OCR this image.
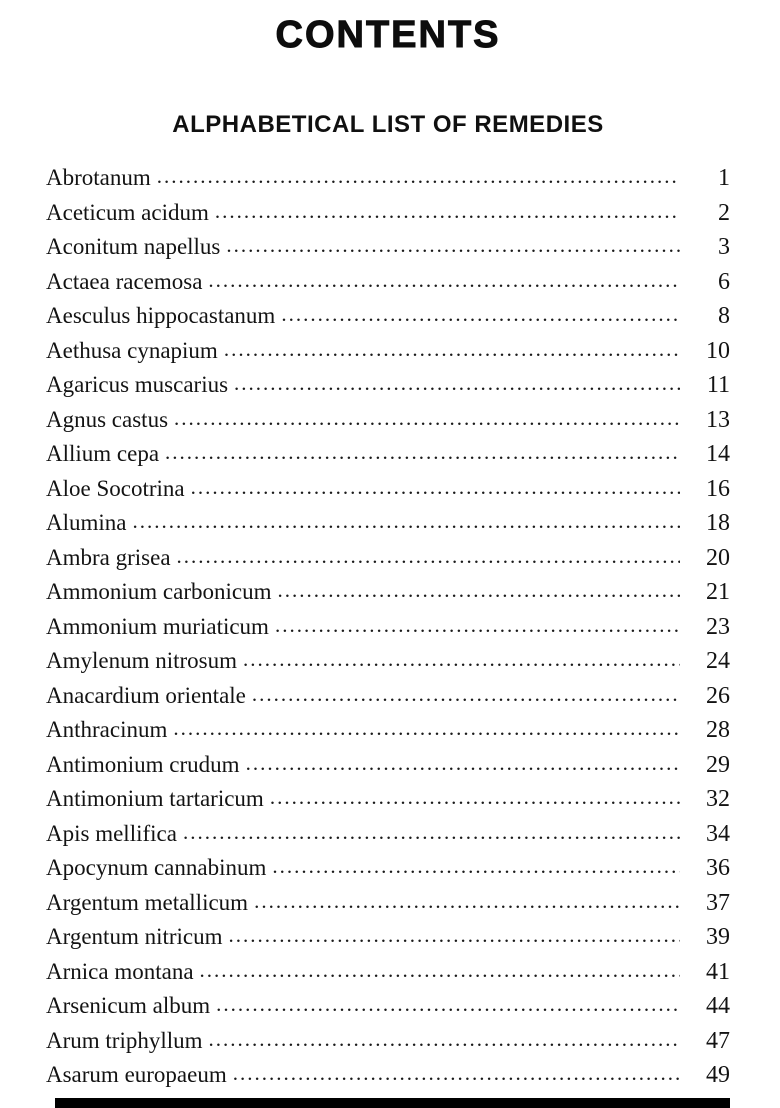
CONTENTS
ALPHABETICAL LIST OF REMEDIES
Abrotanum .....	1
Aceticum acidum .....	2
Aconitum napellus .....	3
Actaea racemosa .....	6
Aesculus hippocastanum .....	8
Aethusa cynapium .....	10
Agaricus muscarius .....	11
Agnus castus .....	13
Allium cepa .....	14
Aloe Socotrina .....	16
Alumina .....	18
Ambra grisea .....	20
Ammonium carbonicum .....	21
Ammonium muriaticum .....	23
Amylenum nitrosum .....	24
Anacardium orientale .....	26
Anthracinum .....	28
Antimonium crudum .....	29
Antimonium tartaricum .....	32
Apis mellifica .....	34
Apocynum cannabinum .....	36
Argentum metallicum .....	37
Argentum nitricum .....	39
Arnica montana .....	41
Arsenicum album .....	44
Arum triphyllum .....	47
Asarum europaeum .....	49
